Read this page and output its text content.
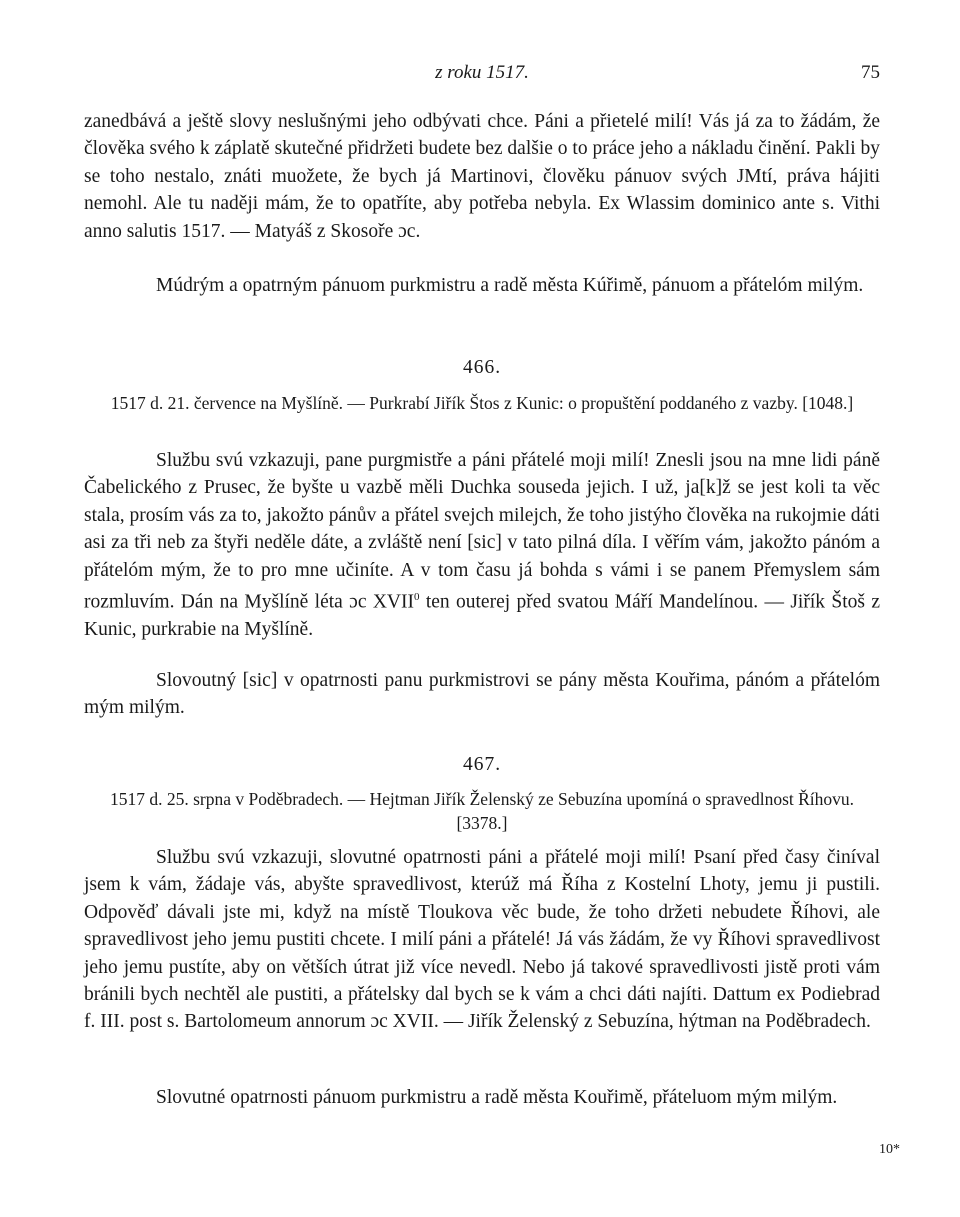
z roku 1517.	75

zanedbává a ještě slovy neslušnými jeho odbývati chce. Páni a přietelé milí! Vás já za to žádám, že člověka svého k záplatě skutečné přidržeti budete bez dalšie o to práce jeho a nákladu činění. Pakli by se toho nestalo, znáti muožete, že bych já Martinovi, člověku pánuov svých JMtí, práva hájiti nemohl. Ale tu naději mám, že to opatříte, aby potřeba nebyla. Ex Wlassim dominico ante s. Vithi anno salutis 1517. — Matyáš z Skosoře ɔc.

Múdrým a opatrným pánuom purkmistru a radě města Kúřimě, pánuom a přátelóm milým.

466.

1517 d. 21. července na Myšlíně. — Purkrabí Jiřík Štos z Kunic: o propuštění poddaného z vazby. [1048.]

Službu svú vzkazuji, pane purgmistře a páni přátelé moji milí! Znesli jsou na mne lidi páně Čabelického z Prusec, že byšte u vazbě měli Duchka souseda jejich. I už, ja[k]ž se jest koli ta věc stala, prosím vás za to, jakožto pánův a přátel svejch milejch, že toho jistýho člověka na rukojmie dáti asi za tři neb za štyři neděle dáte, a zvláště není [sic] v tato pilná díla. I věřím vám, jakožto pánóm a přátelóm mým, že to pro mne učiníte. A v tom času já bohda s vámi i se panem Přemyslem sám rozmluvím. Dán na Myšlíně léta ɔc XVII$^0$ ten outerej před svatou Máří Mandelínou. — Jiřík Štoš z Kunic, purkrabie na Myšlíně.

Slovoutný [sic] v opatrnosti panu purkmistrovi se pány města Kouřima, pánóm a přátelóm mým milým.

467.

1517 d. 25. srpna v Poděbradech. — Hejtman Jiřík Želenský ze Sebuzína upomíná o spravedlnost Říhovu. [3378.]

Službu svú vzkazuji, slovutné opatrnosti páni a přátelé moji milí! Psaní před časy činíval jsem k vám, žádaje vás, abyšte spravedlivost, kterúž má Říha z Kostelní Lhoty, jemu ji pustili. Odpověď dávali jste mi, když na místě Tloukova věc bude, že toho držeti nebudete Říhovi, ale spravedlivost jeho jemu pustiti chcete. I milí páni a přátelé! Já vás žádám, že vy Říhovi spravedlivost jeho jemu pustíte, aby on větších útrat již více nevedl. Nebo já takové spravedlivosti jistě proti vám bránili bych nechtěl ale pustiti, a přátelsky dal bych se k vám a chci dáti najíti. Dattum ex Podiebrad f. III. post s. Bartolomeum annorum ɔc XVII. — Jiřík Želenský z Sebuzína, hýtman na Poděbradech.

Slovutné opatrnosti pánuom purkmistru a radě města Kouřimě, přáteluom mým milým.

10*
